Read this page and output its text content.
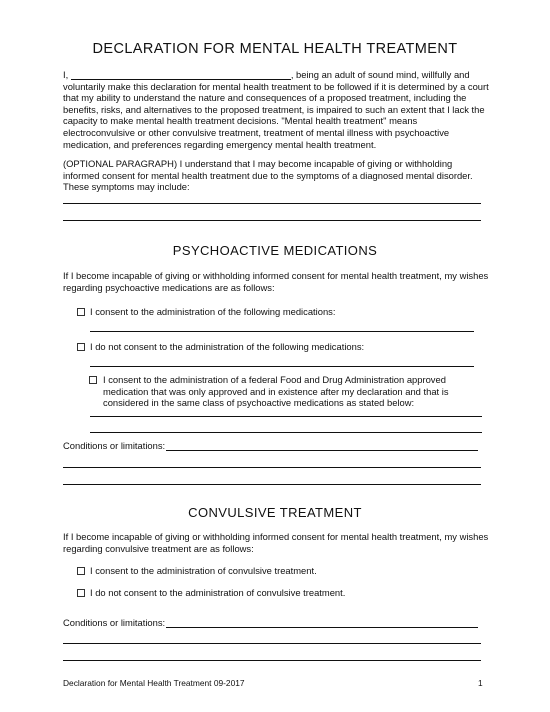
DECLARATION FOR MENTAL HEALTH TREATMENT
I,	, being an adult of sound mind, willfully and voluntarily make this declaration for mental health treatment to be followed if it is determined by a court that my ability to understand the nature and consequences of a proposed treatment, including the benefits, risks, and alternatives to the proposed treatment, is impaired to such an extent that I lack the capacity to make mental health treatment decisions. "Mental health treatment" means electroconvulsive or other convulsive treatment, treatment of mental illness with psychoactive medication, and preferences regarding emergency mental health treatment.
(OPTIONAL PARAGRAPH) I understand that I may become incapable of giving or withholding informed consent for mental health treatment due to the symptoms of a diagnosed mental disorder. These symptoms may include:
PSYCHOACTIVE MEDICATIONS
If I become incapable of giving or withholding informed consent for mental health treatment, my wishes regarding psychoactive medications are as follows:
I consent to the administration of the following medications:
I do not consent to the administration of the following medications:
I consent to the administration of a federal Food and Drug Administration approved medication that was only approved and in existence after my declaration and that is considered in the same class of psychoactive medications as stated below:
Conditions or limitations:
CONVULSIVE TREATMENT
If I become incapable of giving or withholding informed consent for mental health treatment, my wishes regarding convulsive treatment are as follows:
I consent to the administration of convulsive treatment.
I do not consent to the administration of convulsive treatment.
Conditions or limitations:
Declaration for Mental Health Treatment 09-2017	1
